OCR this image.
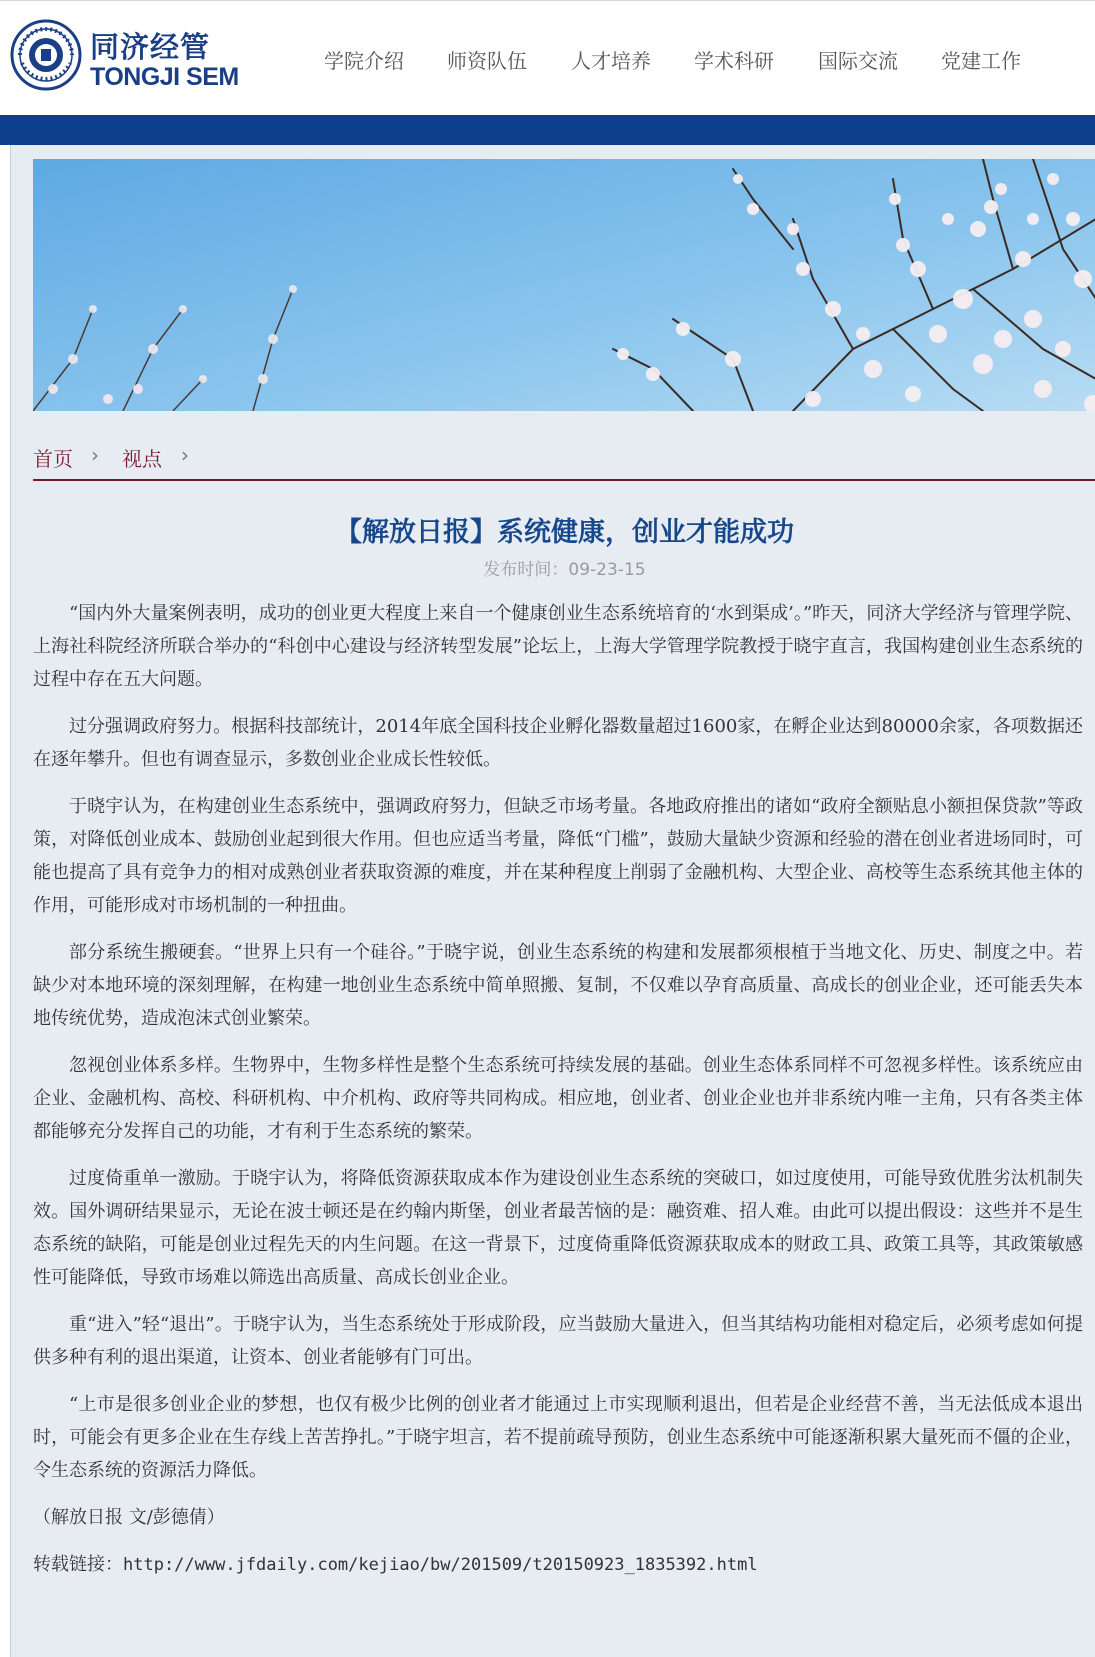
同济经管
TONGJI SEM
学院介绍 师资队伍 人才培养 学术科研 国际交流 党建工作
首页 › 视点 ›
【解放日报】系统健康，创业才能成功
发布时间：09-23-15

“国内外大量案例表明，成功的创业更大程度上来自一个健康创业生态系统培育的‘水到渠成’。”昨天，同济大学经济与管理学院、上海社科院经济所联合举办的“科创中心建设与经济转型发展”论坛上，上海大学管理学院教授于晓宇直言，我国构建创业生态系统的过程中存在五大问题。

过分强调政府努力。根据科技部统计，2014年底全国科技企业孵化器数量超过1600家，在孵企业达到80000余家，各项数据还在逐年攀升。但也有调查显示，多数创业企业成长性较低。

于晓宇认为，在构建创业生态系统中，强调政府努力，但缺乏市场考量。各地政府推出的诸如“政府全额贴息小额担保贷款”等政策，对降低创业成本、鼓励创业起到很大作用。但也应适当考量，降低“门槛”，鼓励大量缺少资源和经验的潜在创业者进场同时，可能也提高了具有竞争力的相对成熟创业者获取资源的难度，并在某种程度上削弱了金融机构、大型企业、高校等生态系统其他主体的作用，可能形成对市场机制的一种扭曲。

部分系统生搬硬套。“世界上只有一个硅谷。”于晓宇说，创业生态系统的构建和发展都须根植于当地文化、历史、制度之中。若缺少对本地环境的深刻理解，在构建一地创业生态系统中简单照搬、复制，不仅难以孕育高质量、高成长的创业企业，还可能丢失本地传统优势，造成泡沫式创业繁荣。

忽视创业体系多样。生物界中，生物多样性是整个生态系统可持续发展的基础。创业生态体系同样不可忽视多样性。该系统应由企业、金融机构、高校、科研机构、中介机构、政府等共同构成。相应地，创业者、创业企业也并非系统内唯一主角，只有各类主体都能够充分发挥自己的功能，才有利于生态系统的繁荣。

过度倚重单一激励。于晓宇认为，将降低资源获取成本作为建设创业生态系统的突破口，如过度使用，可能导致优胜劣汰机制失效。国外调研结果显示，无论在波士顿还是在约翰内斯堡，创业者最苦恼的是：融资难、招人难。由此可以提出假设：这些并不是生态系统的缺陷，可能是创业过程先天的内生问题。在这一背景下，过度倚重降低资源获取成本的财政工具、政策工具等，其政策敏感性可能降低，导致市场难以筛选出高质量、高成长创业企业。

重“进入”轻“退出”。于晓宇认为，当生态系统处于形成阶段，应当鼓励大量进入，但当其结构功能相对稳定后，必须考虑如何提供多种有利的退出渠道，让资本、创业者能够有门可出。

“上市是很多创业企业的梦想，也仅有极少比例的创业者才能通过上市实现顺利退出，但若是企业经营不善，当无法低成本退出时，可能会有更多企业在生存线上苦苦挣扎。”于晓宇坦言，若不提前疏导预防，创业生态系统中可能逐渐积累大量死而不僵的企业，令生态系统的资源活力降低。

（解放日报 文/彭德倩）

转载链接：http://www.jfdaily.com/kejiao/bw/201509/t20150923_1835392.html
